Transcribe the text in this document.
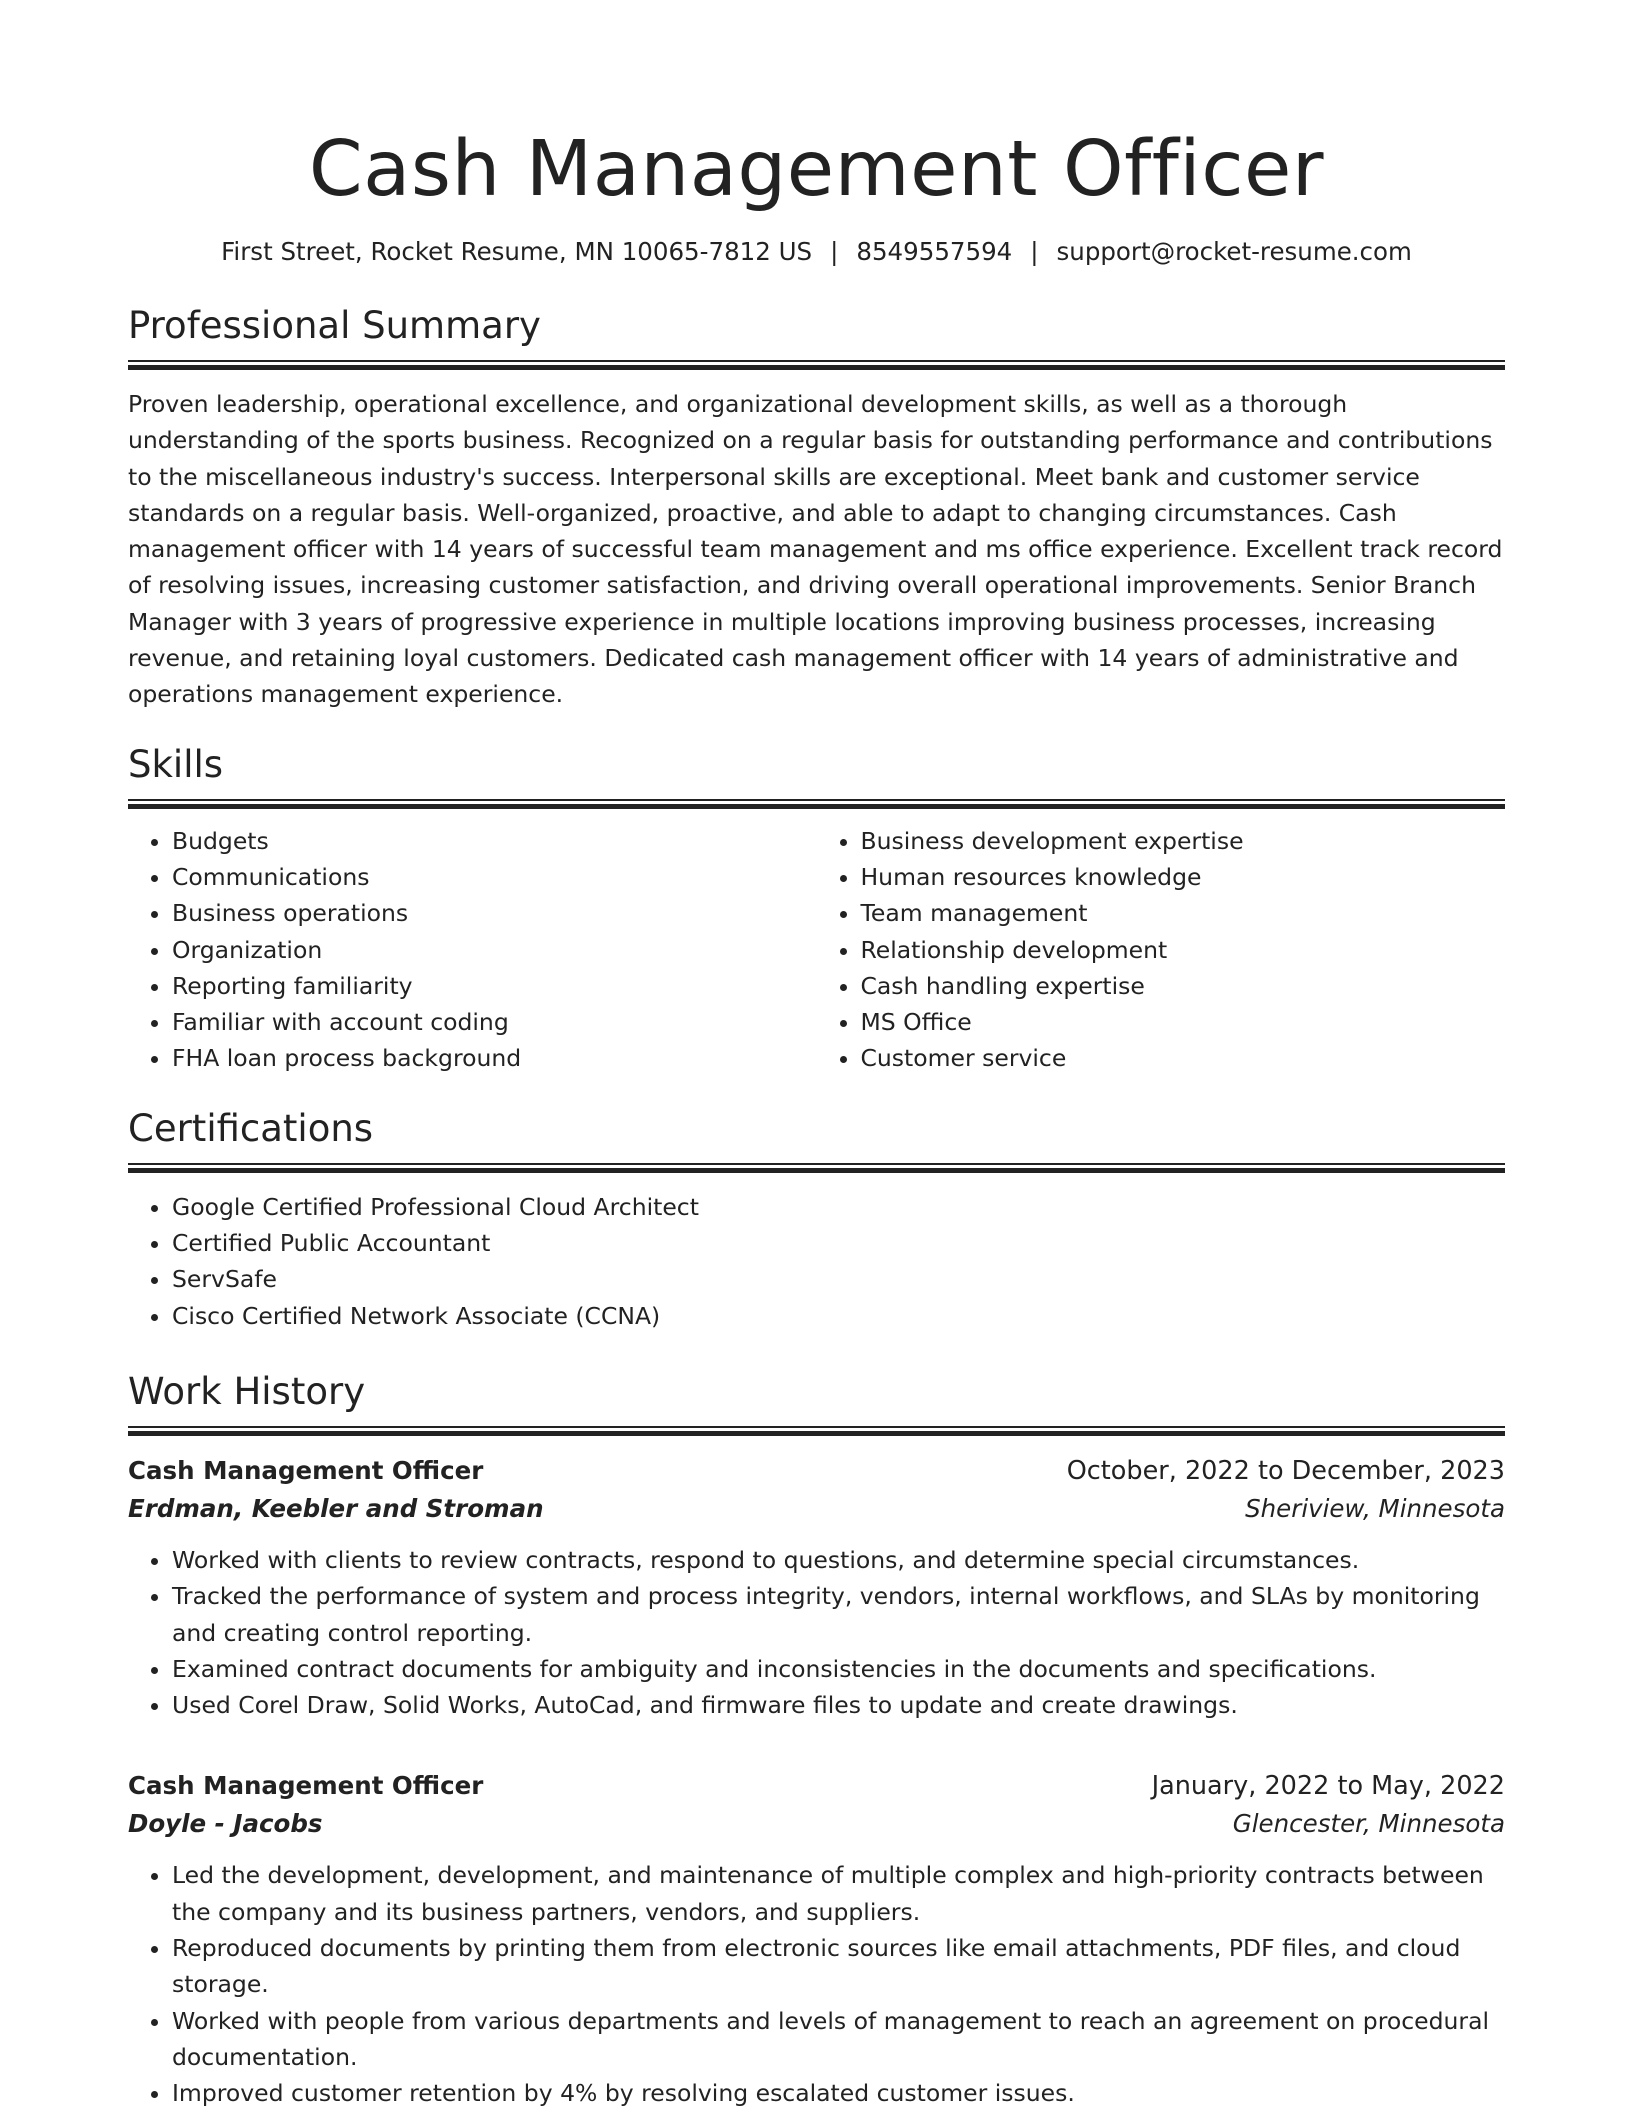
Cash Management Officer
First Street, Rocket Resume, MN 10065-7812 US | 8549557594 | support@rocket-resume.com
Professional Summary

Proven leadership, operational excellence, and organizational development skills, as well as a thorough understanding of the sports business. Recognized on a regular basis for outstanding performance and contributions to the miscellaneous industry's success. Interpersonal skills are exceptional. Meet bank and customer service standards on a regular basis. Well-organized, proactive, and able to adapt to changing circumstances. Cash management officer with 14 years of successful team management and ms office experience. Excellent track record of resolving issues, increasing customer satisfaction, and driving overall operational improvements. Senior Branch Manager with 3 years of progressive experience in multiple locations improving business processes, increasing revenue, and retaining loyal customers. Dedicated cash management officer with 14 years of administrative and operations management experience.

Skills
• Budgets
• Communications
• Business operations
• Organization
• Reporting familiarity
• Familiar with account coding
• FHA loan process background
• Business development expertise
• Human resources knowledge
• Team management
• Relationship development
• Cash handling expertise
• MS Office
• Customer service
Certifications
• Google Certified Professional Cloud Architect
• Certified Public Accountant
• ServSafe
• Cisco Certified Network Associate (CCNA)
Work History
Cash Management Officer	October, 2022 to December, 2023
Erdman, Keebler and Stroman	Sheriview, Minnesota
• Worked with clients to review contracts, respond to questions, and determine special circumstances.
• Tracked the performance of system and process integrity, vendors, internal workflows, and SLAs by monitoring and creating control reporting.
• Examined contract documents for ambiguity and inconsistencies in the documents and specifications.
• Used Corel Draw, Solid Works, AutoCad, and firmware files to update and create drawings.
Cash Management Officer	January, 2022 to May, 2022
Doyle - Jacobs	Glencester, Minnesota
• Led the development, development, and maintenance of multiple complex and high-priority contracts between the company and its business partners, vendors, and suppliers.
• Reproduced documents by printing them from electronic sources like email attachments, PDF files, and cloud storage.
• Worked with people from various departments and levels of management to reach an agreement on procedural documentation.
• Improved customer retention by 4% by resolving escalated customer issues.
